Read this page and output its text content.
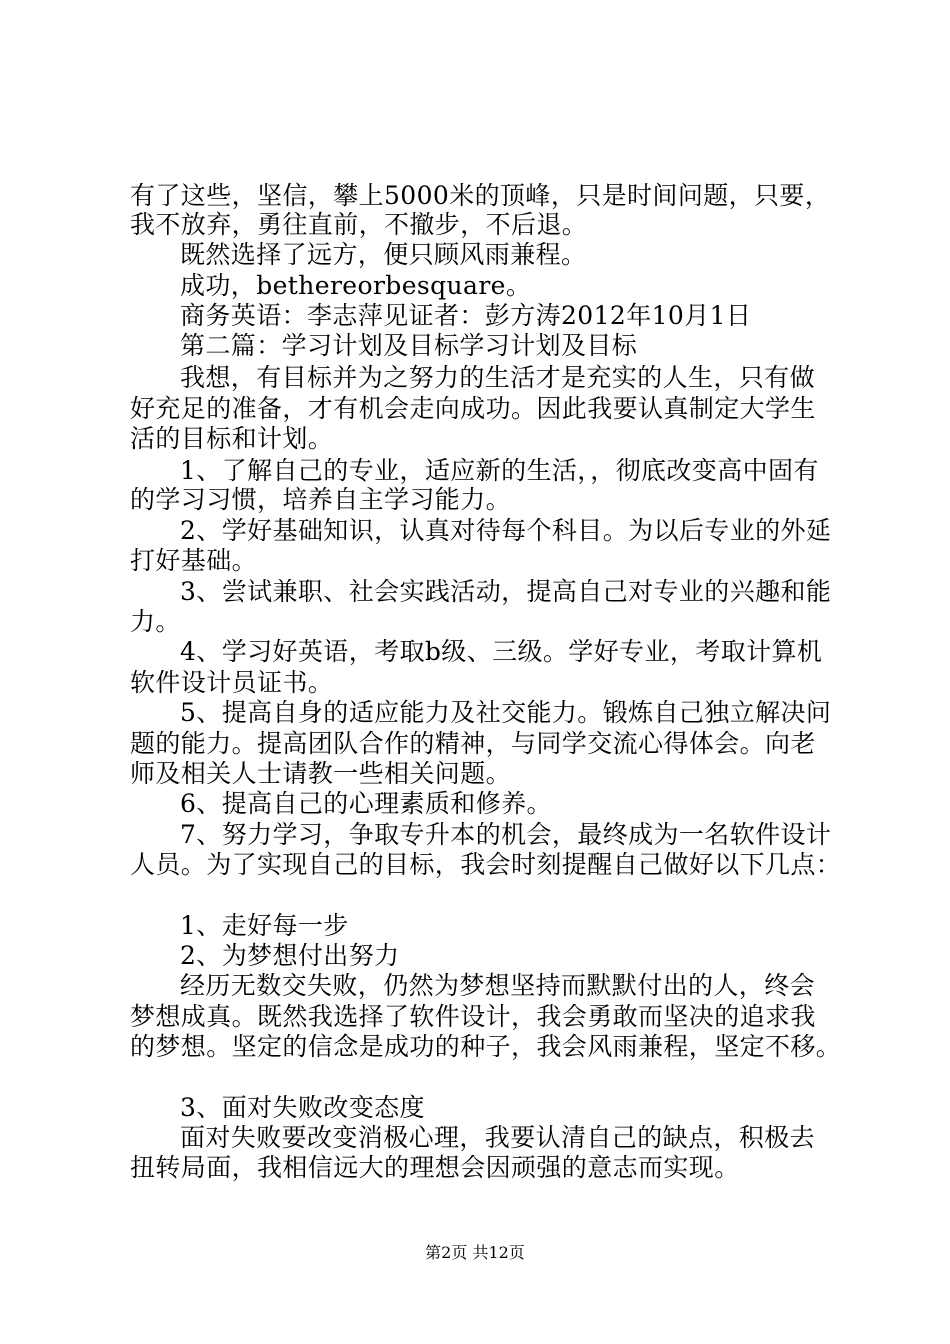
有了这些，坚信，攀上5000米的顶峰，只是时间问题，只要，

我不放弃，勇往直前，不撤步，不后退。

既然选择了远方，便只顾风雨兼程。

成功，bethereorbesquare。

商务英语：李志萍见证者：彭方涛2012年10月1日

第二篇：学习计划及目标学习计划及目标

我想，有目标并为之努力的生活才是充实的人生，只有做

好充足的准备，才有机会走向成功。因此我要认真制定大学生

活的目标和计划。

1、了解自己的专业，适应新的生活，，彻底改变高中固有

的学习习惯，培养自主学习能力。

2、学好基础知识，认真对待每个科目。为以后专业的外延

打好基础。

3、尝试兼职、社会实践活动，提高自己对专业的兴趣和能

力。

4、学习好英语，考取b级、三级。学好专业，考取计算机

软件设计员证书。

5、提高自身的适应能力及社交能力。锻炼自己独立解决问

题的能力。提高团队合作的精神，与同学交流心得体会。向老

师及相关人士请教一些相关问题。

6、提高自己的心理素质和修养。

7、努力学习，争取专升本的机会，最终成为一名软件设计

人员。为了实现自己的目标，我会时刻提醒自己做好以下几点：

1、走好每一步

2、为梦想付出努力

经历无数交失败，仍然为梦想坚持而默默付出的人，终会

梦想成真。既然我选择了软件设计，我会勇敢而坚决的追求我

的梦想。坚定的信念是成功的种子，我会风雨兼程，坚定不移。

3、面对失败改变态度

面对失败要改变消极心理，我要认清自己的缺点，积极去

扭转局面，我相信远大的理想会因顽强的意志而实现。

第2页 共12页
